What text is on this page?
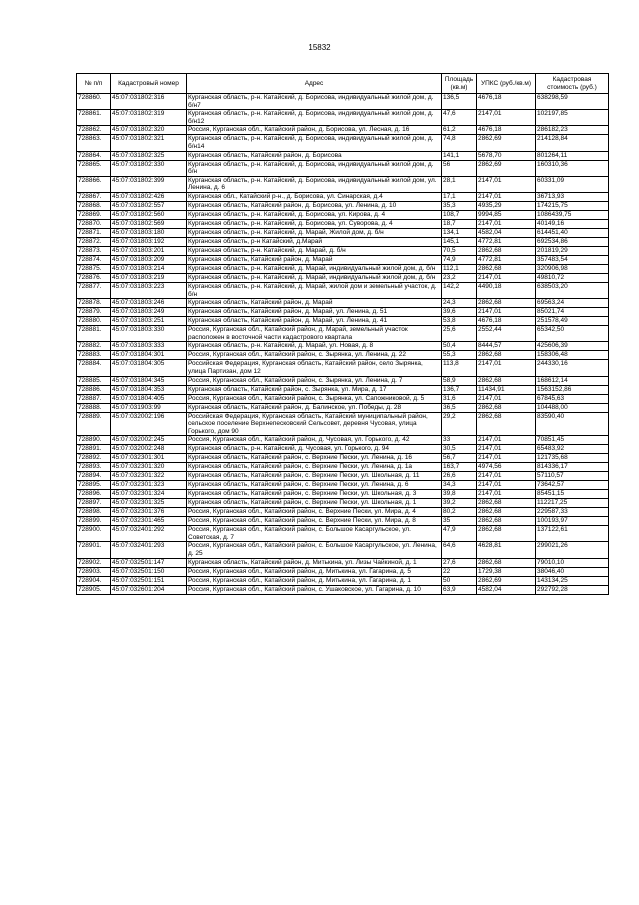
15832
№ п/п	Кадастровый номер	Адрес	Площадь (кв.м)	УПКС (руб./кв.м)	Кадастровая стоимость (руб.)
728860.	45:07:031802:316	Курганская область, р-н. Катайский, д. Борисова, индивидуальный жилой дом, д. б/н7	136,5	4676,18	638298,59
728861.	45:07:031802:319	Курганская область, р-н. Катайский, д. Борисова, индивидуальный жилой дом, д. б/н12	47,6	2147,01	102197,85
728862.	45:07:031802:320	Россия, Курганская обл., Катайский район, д. Борисова, ул. Лесная, д. 16	61,2	4676,18	286182,23
728863.	45:07:031802:321	Курганская область, р-н. Катайский, д. Борисова, индивидуальный жилой дом, д. б/н14	74,8	2862,69	214128,84
728864.	45:07:031802:325	Курганская область, Катайский район, д. Борисова	141,1	5678,70	801264,11
728865.	45:07:031802:330	Курганская область, р-н. Катайский, д. Борисова, индивидуальный жилой дом, д. б/н	56	2862,69	160310,36
728866.	45:07:031802:399	Курганская область, р-н. Катайский, д. Борисова, индивидуальный жилой дом, ул. Ленина, д. 6	28,1	2147,01	60331,09
728867.	45:07:031802:426	Курганская обл., Катайский р-н., д. Борисова, ул. Синарская, д.4	17,1	2147,01	36713,93
728868.	45:07:031802:557	Курганская область, Катайский район, д. Борисова, ул. Ленина, д. 10	35,3	4935,29	174215,75
728869.	45:07:031802:560	Курганская область, р-н. Катайский, д. Борисова, ул. Кирова, д. 4	108,7	9994,85	1086439,75
728870.	45:07:031802:569	Курганская область, р-н. Катайский, д. Борисова, ул. Суворова, д. 4	18,7	2147,01	40149,16
728871.	45:07:031803:180	Курганская область, р-н. Катайский, д. Марай, Жилой дом, д. б/н	134,1	4582,04	614451,40
728872.	45:07:031803:192	Курганская область, р-н Катайский, д.Марай	145,1	4772,81	692534,86
728873.	45:07:031803:201	Курганская область, р-н. Катайский, д. Марай, д. б/н	70,5	2862,68	201819,29
728874.	45:07:031803:209	Курганская область, Катайский район, д. Марай	74,9	4772,81	357483,54
728875.	45:07:031803:214	Курганская область, р-н. Катайский, д. Марай, индивидуальный жилой дом, д. б/н	112,1	2862,68	320906,98
728876.	45:07:031803:219	Курганская область, р-н. Катайский, д. Марай, индивидуальный жилой дом, д. б/н	23,2	2147,01	49810,72
728877.	45:07:031803:223	Курганская область, р-н. Катайский, д. Марай, жилой дом и земельный участок, д. б/н	142,2	4490,18	638503,20
728878.	45:07:031803:246	Курганская область, Катайский район, д. Марай	24,3	2862,68	69563,24
728879.	45:07:031803:249	Курганская область, Катайский район, д. Марай, ул. Ленина, д. 51	39,6	2147,01	85021,74
728880.	45:07:031803:251	Курганская область, Катайский район, д. Марай, ул. Ленина, д. 41	53,8	4676,18	251578,49
728881.	45:07:031803:330	Россия, Курганская обл., Катайский район, д. Марай, земельный участок расположен в восточной части кадастрового квартала	25,6	2552,44	65342,50
728882.	45:07:031803:333	Курганская область, р-н. Катайский, д. Марай, ул. Новая, д. 8	50,4	8444,57	425606,39
728883.	45:07:031804:301	Россия, Курганская обл., Катайский район, с. Зырянка, ул. Ленина, д. 22	55,3	2862,68	158306,48
728884.	45:07:031804:305	Российская Федерация, Курганская область, Катайский район, село Зырянка, улица Партизан, дом 12	113,8	2147,01	244330,16
728885.	45:07:031804:345	Россия, Курганская обл., Катайский район, с. Зырянка, ул. Ленина, д. 7	58,9	2862,68	168612,14
728886.	45:07:031804:353	Курганская область, Катайский район, с. Зырянка, ул. Мира, д. 17	136,7	11434,91	1563152,86
728887.	45:07:031804:405	Россия, Курганская обл., Катайский район, с. Зырянка, ул. Сапожниковой, д. 5	31,6	2147,01	67845,63
728888.	45:07:031903:99	Курганская область, Катайский район, д. Балинское, ул. Победы, д. 28	36,5	2862,68	104488,00
728889.	45:07:032002:196	Российская Федерация, Курганская область, Катайский муниципальный район, сельское поселение Верхнепесковский Сельсовет, деревня Чусовая, улица Горького, дом 90	29,2	2862,68	83590,40
728890.	45:07:032002:245	Россия, Курганская обл., Катайский район, д. Чусовая, ул. Горького, д. 42	33	2147,01	70851,45
728891.	45:07:032002:248	Курганская область, р-н. Катайский, д. Чусовая, ул. Горького, д. 94	30,5	2147,01	65483,92
728892.	45:07:032301:301	Курганская область, Катайский район, с. Верхние Пески, ул. Ленина, д. 16	56,7	2147,01	121735,68
728893.	45:07:032301:320	Курганская область, Катайский район, с. Верхние Пески, ул. Ленина, д. 1а	163,7	4974,56	814336,17
728894.	45:07:032301:322	Курганская область, Катайский район, с. Верхние Пески, ул. Школьная, д. 11	26,6	2147,01	57110,57
728895.	45:07:032301:323	Курганская область, Катайский район, с. Верхние Пески, ул. Ленина, д. 6	34,3	2147,01	73642,57
728896.	45:07:032301:324	Курганская область, Катайский район, с. Верхние Пески, ул. Школьная, д. 3	39,8	2147,01	85451,15
728897.	45:07:032301:325	Курганская область, Катайский район, с. Верхние Пески, ул. Школьная, д. 1	39,2	2862,68	112217,25
728898.	45:07:032301:376	Россия, Курганская обл., Катайский район, с. Верхние Пески, ул. Мира, д. 4	80,2	2862,68	229587,33
728899.	45:07:032301:465	Россия, Курганская обл., Катайский район, с. Верхние Пески, ул. Мира, д. 8	35	2862,68	100193,97
728900.	45:07:032401:292	Россия, Курганская обл., Катайский район, с. Большое Касаргульское, ул. Советская, д. 7	47,9	2862,68	137122,61
728901.	45:07:032401:293	Россия, Курганская обл., Катайский район, с. Большое Касаргульское, ул. Ленина, д. 25	64,6	4628,81	299021,26
728902.	45:07:032501:147	Курганская область, Катайский район, д. Митькина, ул. Лизы Чайкиной, д. 1	27,6	2862,68	79010,10
728903.	45:07:032501:150	Россия, Курганская обл., Катайский район, д. Митькина, ул. Гагарина, д. 5	22	1729,38	38046,40
728904.	45:07:032501:151	Россия, Курганская обл., Катайский район, д. Митькина, ул. Гагарина, д. 1	50	2862,69	143134,25
728905.	45:07:032601:204	Россия, Курганская обл., Катайский район, с. Ушаковское, ул. Гагарина, д. 10	63,9	4582,04	292792,28
